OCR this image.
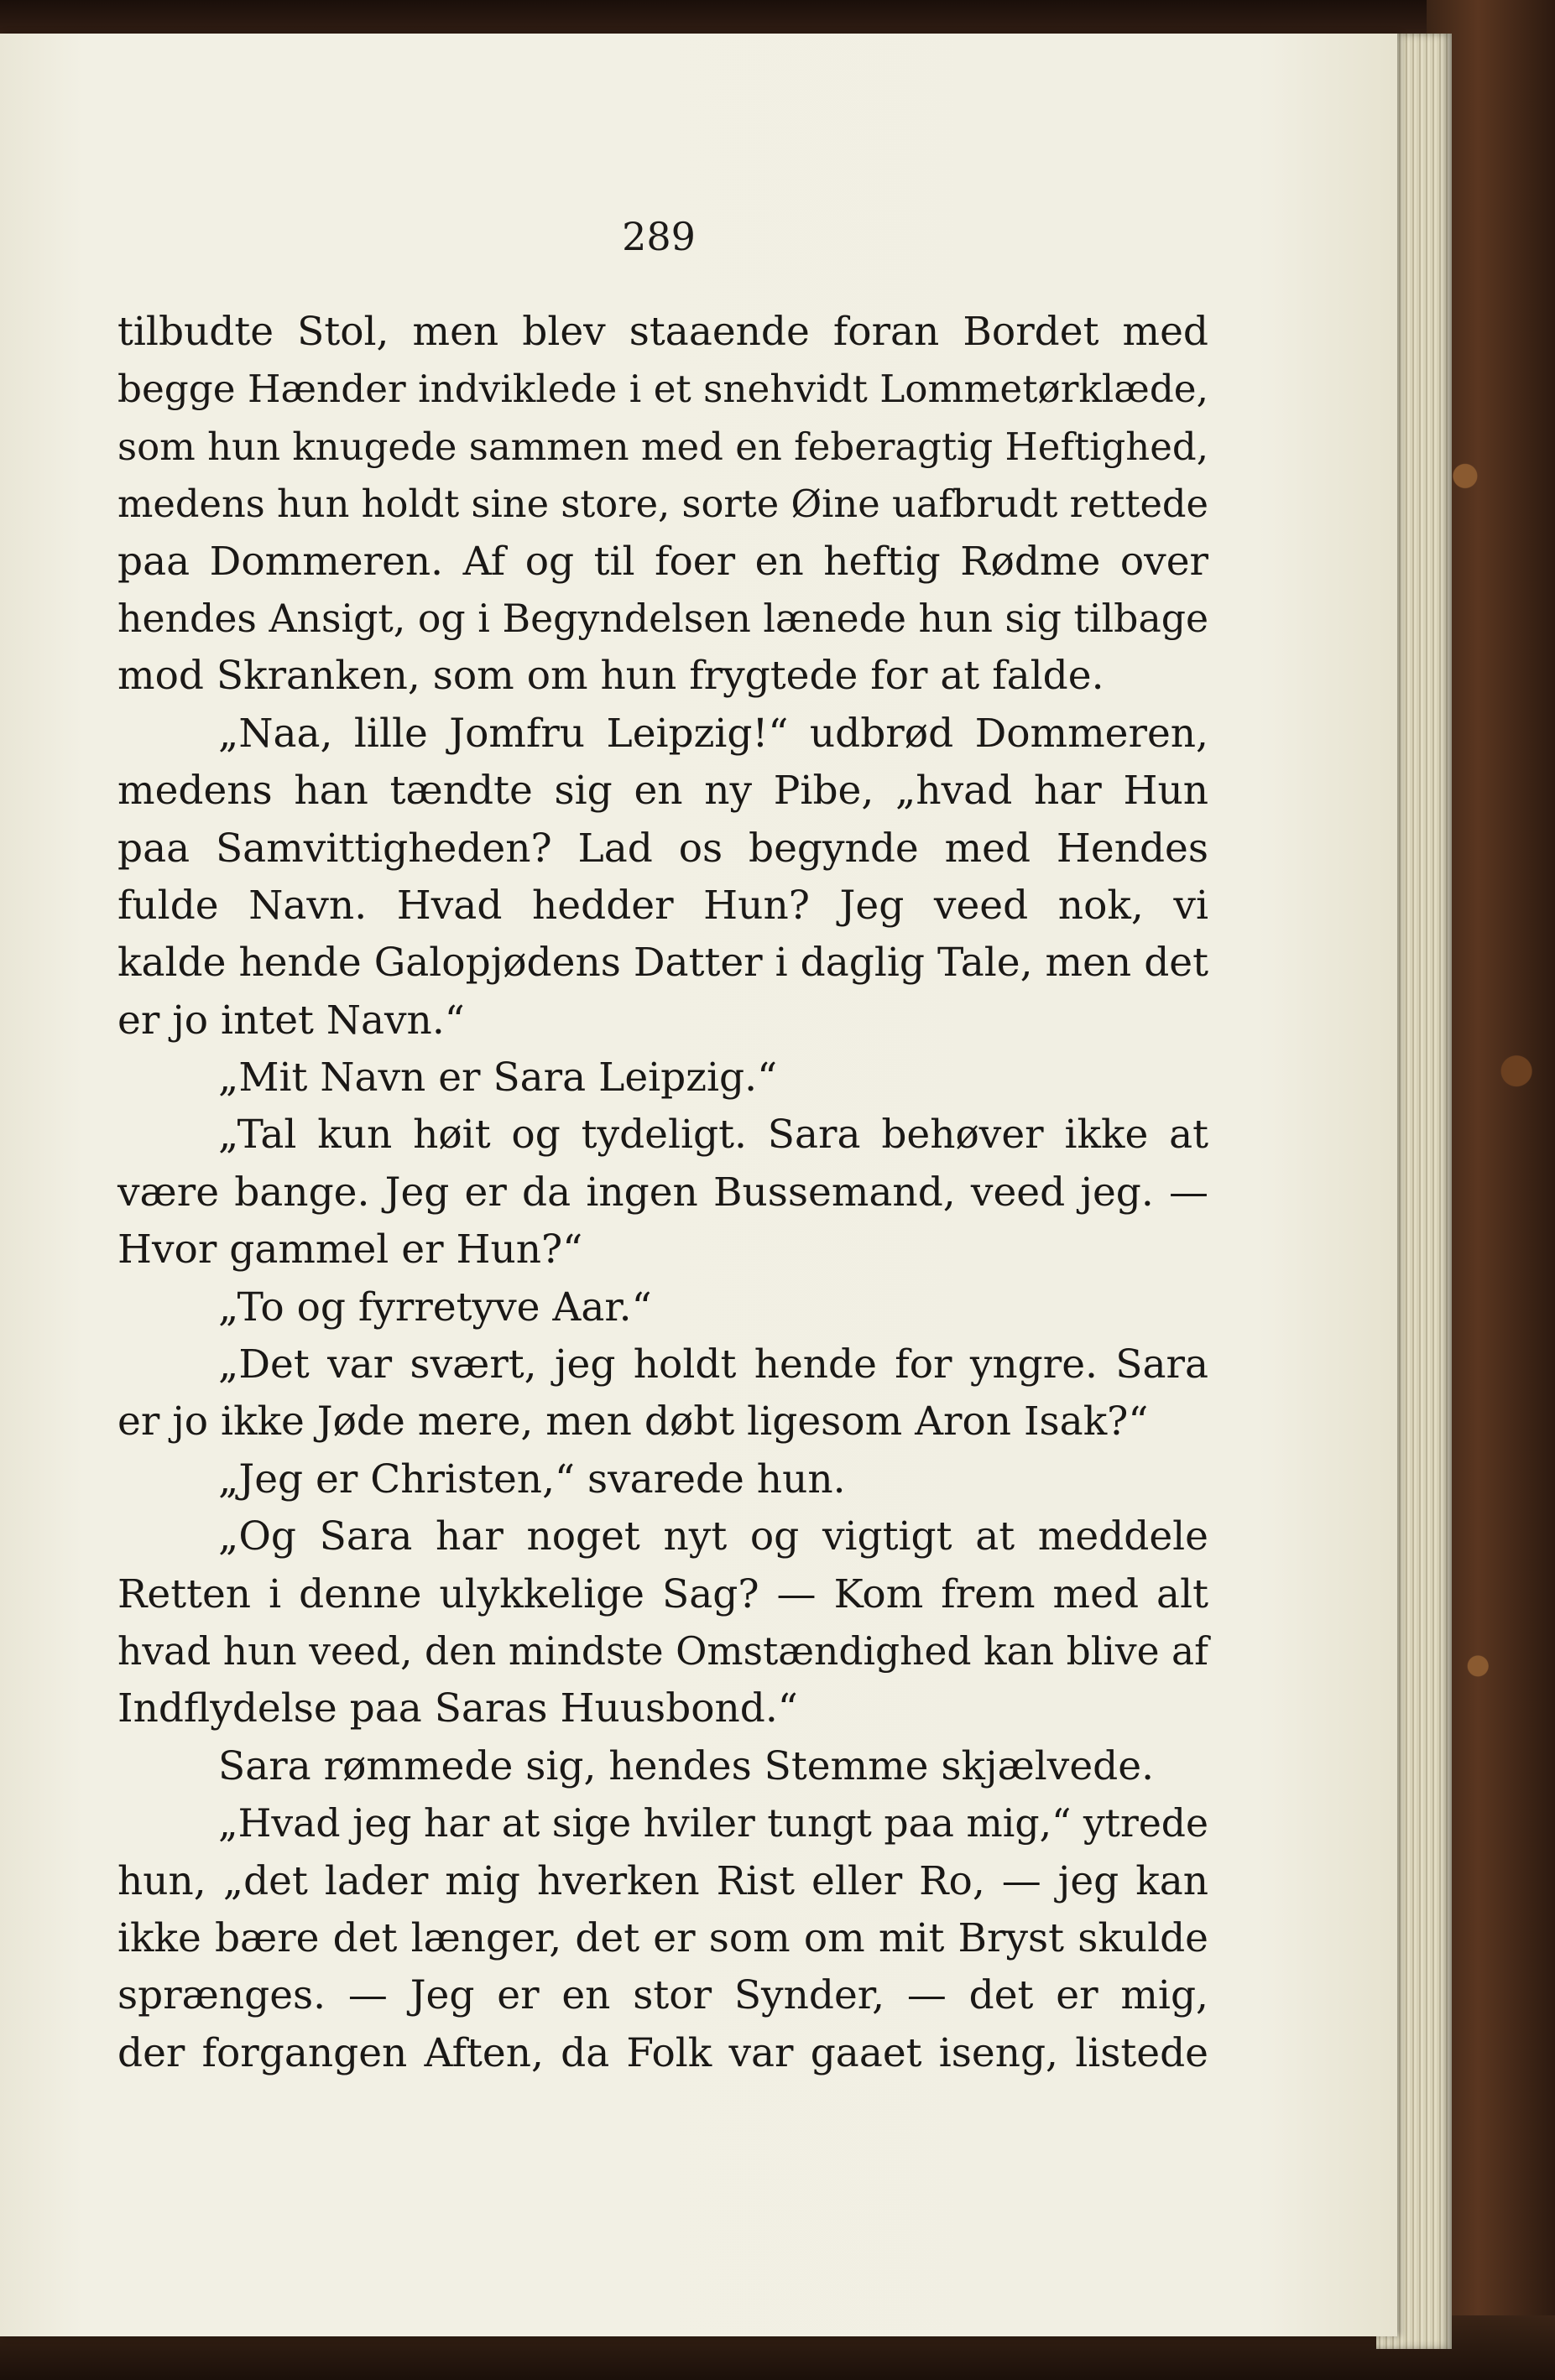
289
tilbudte Stol, men blev staaende foran Bordet med
begge Hænder indviklede i et snehvidt Lommetørklæde,
som hun knugede sammen med en feberagtig Heftighed,
medens hun holdt sine store, sorte Øine uafbrudt rettede
paa Dommeren. Af og til foer en heftig Rødme over
hendes Ansigt, og i Begyndelsen lænede hun sig tilbage
mod Skranken, som om hun frygtede for at falde.
„Naa, lille Jomfru Leipzig!“ udbrød Dommeren,
medens han tændte sig en ny Pibe, „hvad har Hun
paa Samvittigheden? Lad os begynde med Hendes
fulde Navn. Hvad hedder Hun? Jeg veed nok, vi
kalde hende Galopjødens Datter i daglig Tale, men det
er jo intet Navn.“
„Mit Navn er Sara Leipzig.“
„Tal kun høit og tydeligt. Sara behøver ikke at
være bange. Jeg er da ingen Bussemand, veed jeg. —
Hvor gammel er Hun?“
„To og fyrretyve Aar.“
„Det var svært, jeg holdt hende for yngre. Sara
er jo ikke Jøde mere, men døbt ligesom Aron Isak?“
„Jeg er Christen,“ svarede hun.
„Og Sara har noget nyt og vigtigt at meddele
Retten i denne ulykkelige Sag? — Kom frem med alt
hvad hun veed, den mindste Omstændighed kan blive af
Indflydelse paa Saras Huusbond.“
Sara rømmede sig, hendes Stemme skjælvede.
„Hvad jeg har at sige hviler tungt paa mig,“ ytrede
hun, „det lader mig hverken Rist eller Ro, — jeg kan
ikke bære det længer, det er som om mit Bryst skulde
sprænges. — Jeg er en stor Synder, — det er mig,
der forgangen Aften, da Folk var gaaet iseng, listede
